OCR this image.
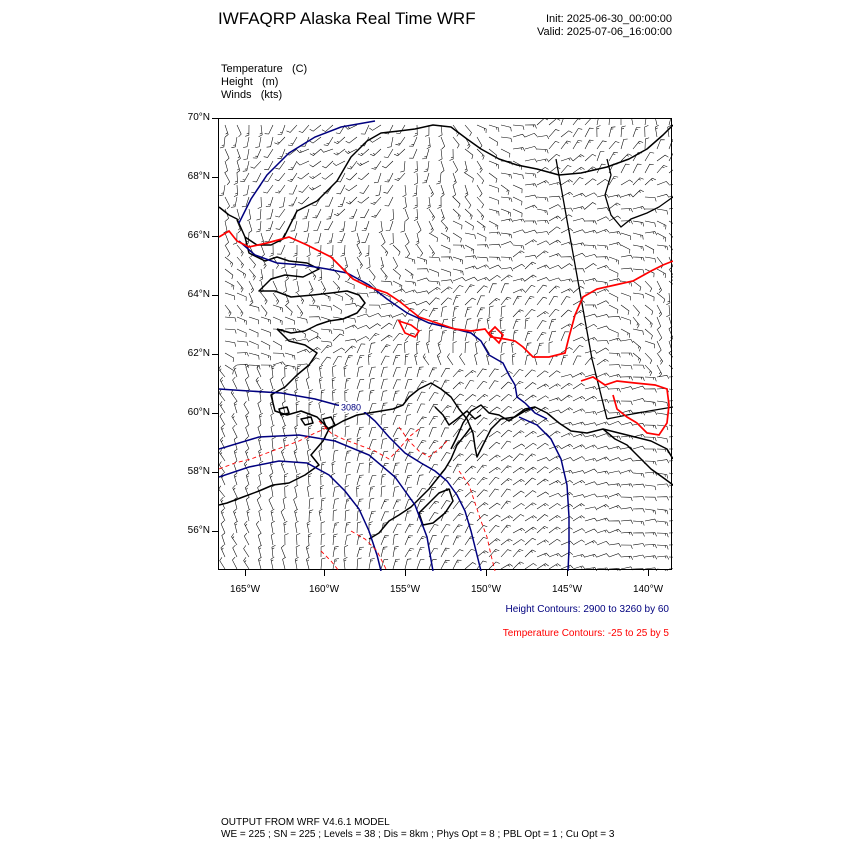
IWFAQRP Alaska Real Time WRF	Init: 2025-06-30_00:00:00
Valid: 2025-07-06_16:00:00
Temperature (C)
Height (m)
Winds (kts)
3080
70°N
68°N
66°N
64°N
62°N
60°N
58°N
56°N
165°W	160°W	155°W	150°W	145°W	140°W
Height Contours: 2900 to 3260 by 60
Temperature Contours: -25 to 25 by 5
OUTPUT FROM WRF V4.6.1 MODEL
WE = 225 ; SN = 225 ; Levels = 38 ; Dis = 8km ; Phys Opt = 8 ; PBL Opt = 1 ; Cu Opt = 3
